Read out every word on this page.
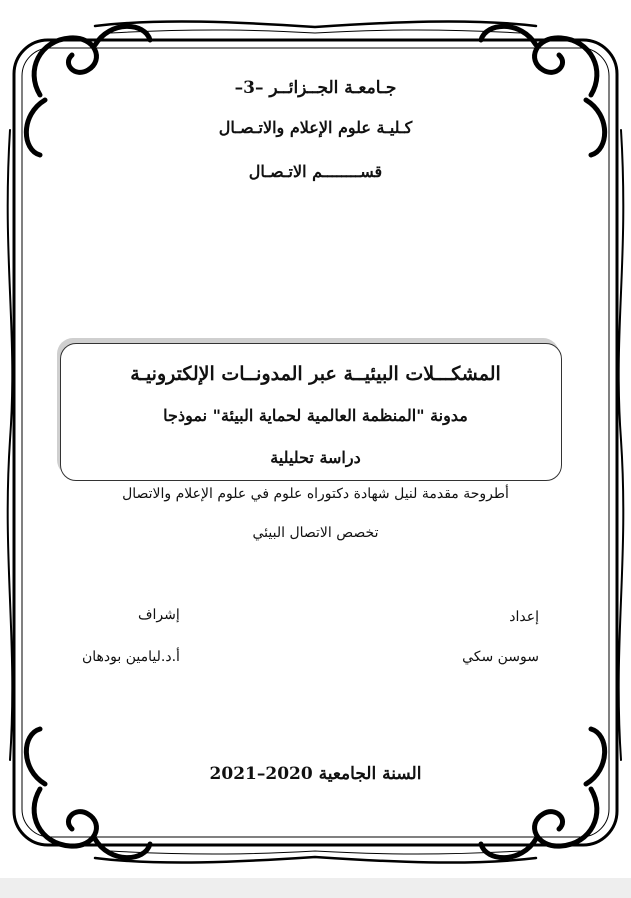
جـامعـة الجــزائــر –3–
كـليـة علوم الإعلام والاتـصـال
قســــــــم الاتـصـال
المشكـــلات البيئيــة عبر المدونــات الإلكترونيـة
مدونة "المنظمة العالمية لحماية البيئة" نموذجا
دراسة تحليلية
أطروحة مقدمة لنيل شهادة دكتوراه علوم في علوم الإعلام والاتصال
تخصص الاتصال البيئي
إعداد
سوسن سكي
إشراف
أ.د.ليامين بودهان
السنة الجامعية 2020–2021
